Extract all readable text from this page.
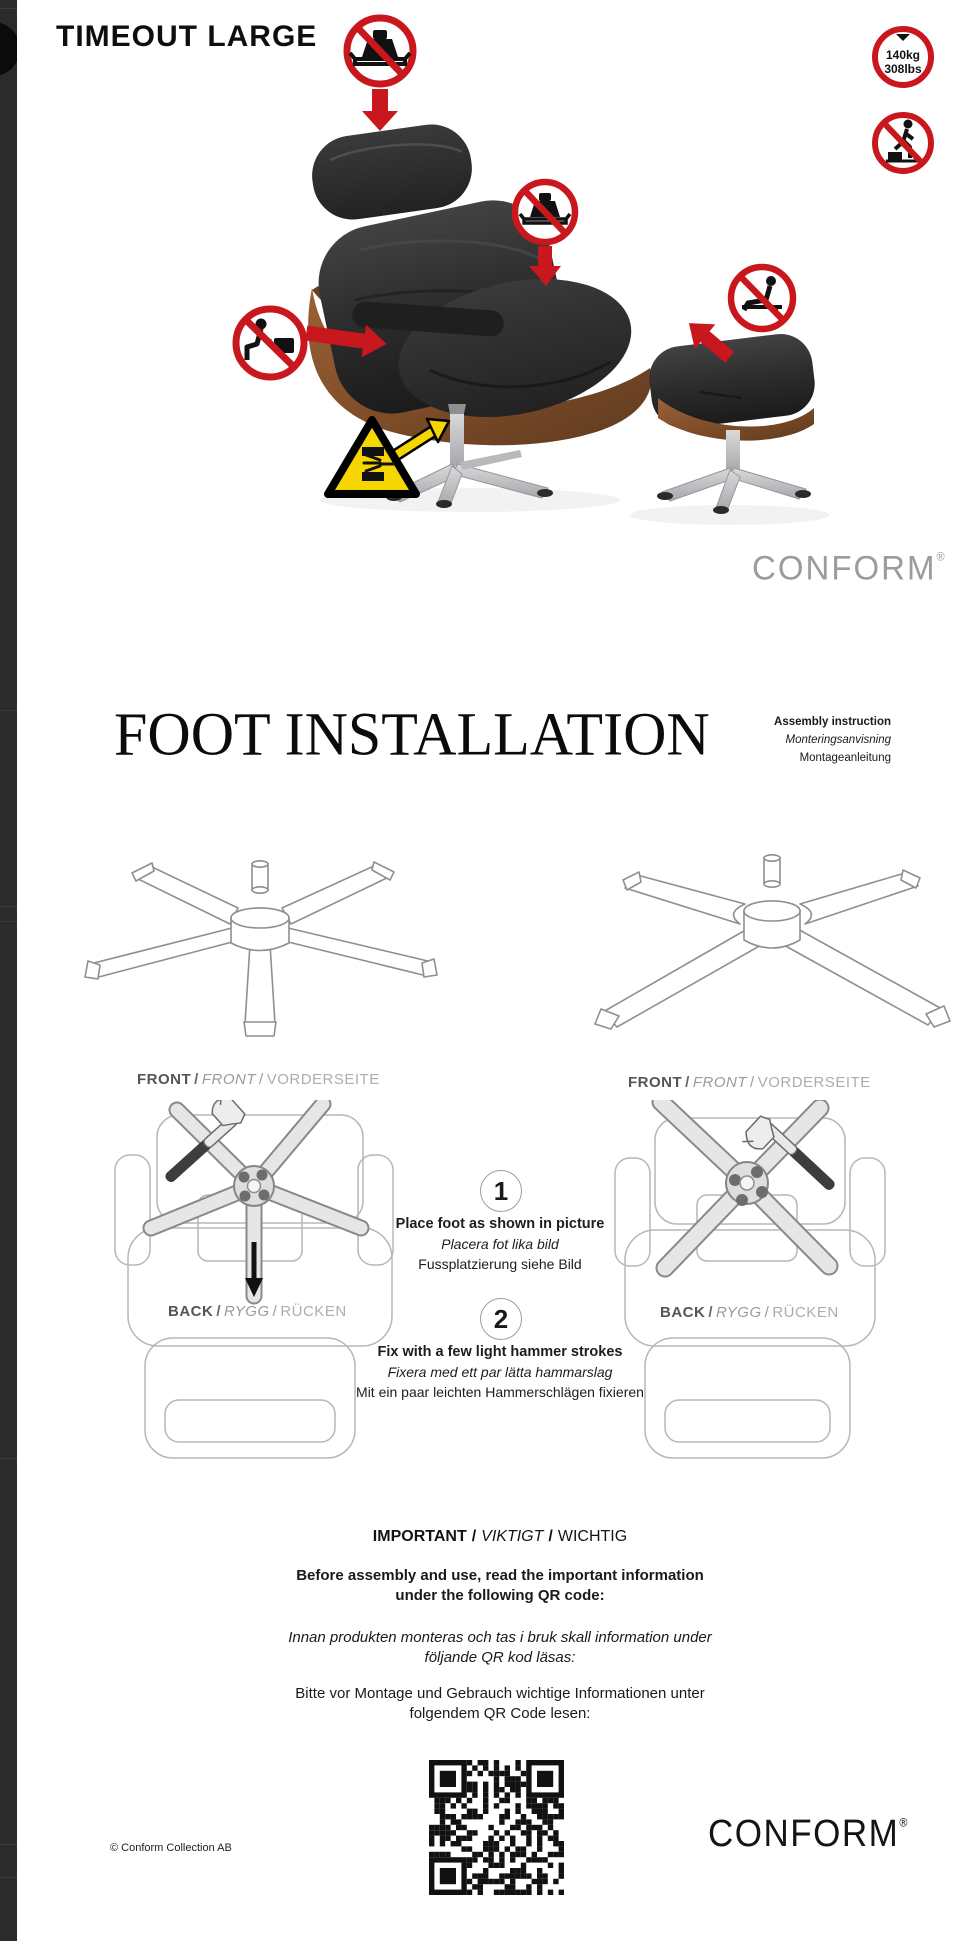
TIMEOUT LARGE
140kg
308lbs
CONFORM®
FOOT INSTALLATION	Assembly instruction
Monteringsanvisning
Montageanleitung
FRONT / FRONT / VORDERSEITE
BACK / RYGG / RÜCKEN
FRONT / FRONT / VORDERSEITE
BACK / RYGG / RÜCKEN
1
Place foot as shown in picture
Placera fot lika bild
Fussplatzierung siehe Bild
2
Fix with a few light hammer strokes
Fixera med ett par lätta hammarslag
Mit ein paar leichten Hammerschlägen fixieren
IMPORTANT / VIKTIGT / WICHTIG
Before assembly and use, read the important information under the following QR code:
Innan produkten monteras och tas i bruk skall information under följande QR kod läsas:
Bitte vor Montage und Gebrauch wichtige Informationen unter folgendem QR Code lesen:
© Conform Collection AB	CONFORM®
